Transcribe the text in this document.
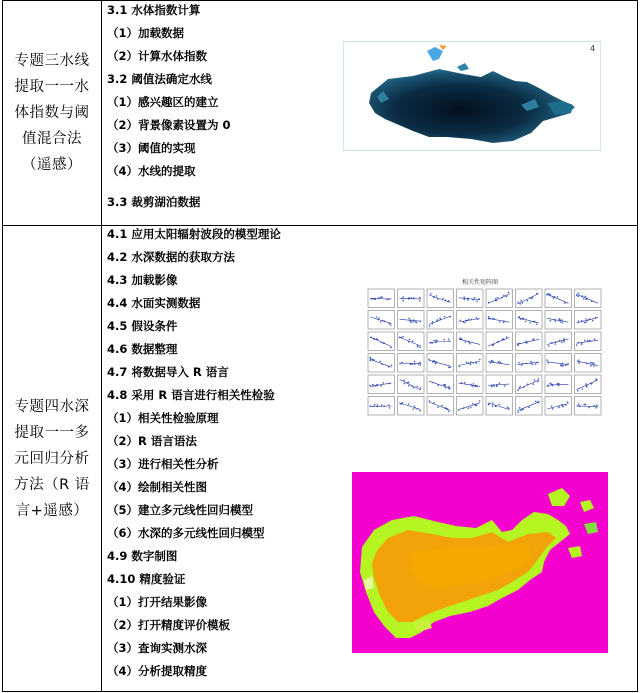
专题三水线提取一一水体指数与阈值混合法（遥感）
3.1 水体指数计算
（1）加载数据
（2）计算水体指数
3.2 阈值法确定水线
（1）感兴趣区的建立
（2）背景像素设置为 0
（3）阈值的实现
（4）水线的提取
3.3 裁剪湖泊数据
4
专题四水深提取一一多元回归分析方法（R 语言+遥感）
4.1 应用太阳辐射波段的模型理论
4.2 水深数据的获取方法
4.3 加载影像
4.4 水面实测数据
4.5 假设条件
4.6 数据整理
4.7 将数据导入 R 语言
4.8 采用 R 语言进行相关性检验
（1）相关性检验原理
（2）R 语言语法
（3）进行相关性分析
（4）绘制相关性图
（5）建立多元线性回归模型
（6）水深的多元线性回归模型
4.9 数字制图
4.10 精度验证
（1）打开结果影像
（2）打开精度评价模板
（3）查询实测水深
（4）分析提取精度
相关性矩阵图
